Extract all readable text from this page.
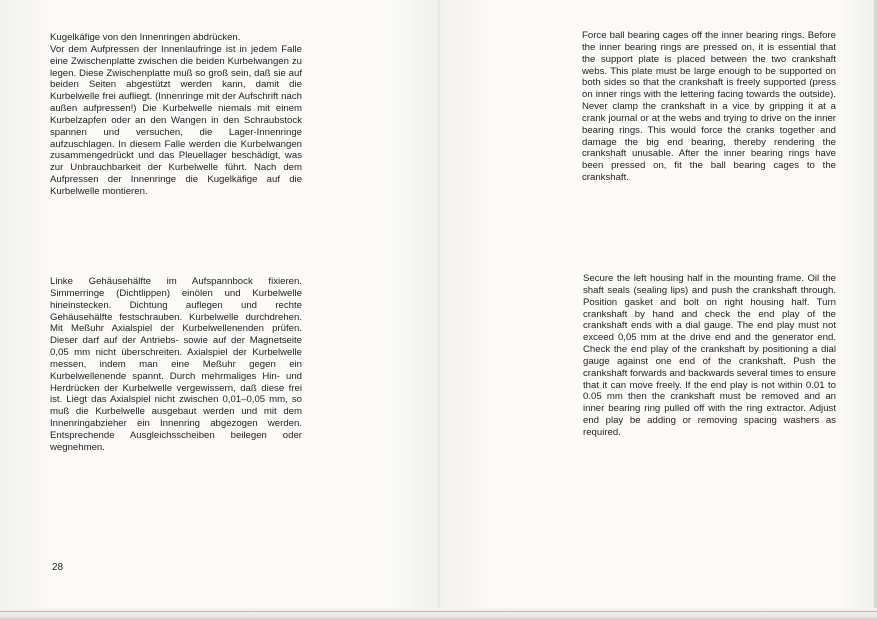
Kugelkäfige von den Innenringen abdrücken.
Vor dem Aufpressen der Innenlaufringe ist in jedem Falle eine Zwischenplatte zwischen die beiden Kurbelwangen zu legen. Diese Zwischenplatte muß so groß sein, daß sie auf beiden Seiten abgestützt werden kann, damit die Kurbelwelle frei aufliegt. (Innenringe mit der Aufschrift nach außen aufpressen!) Die Kurbelwelle niemals mit einem Kurbelzapfen oder an den Wangen in den Schraubstock spannen und versuchen, die Lager-Innenringe aufzuschlagen. In diesem Falle werden die Kurbelwangen zusammengedrückt und das Pleuellager beschädigt, was zur Unbrauchbarkeit der Kurbelwelle führt. Nach dem Aufpressen der Innenringe die Kugelkäfige auf die Kurbelwelle montieren.

Linke Gehäusehälfte im Aufspannbock fixieren. Simmerringe (Dichtlippen) einölen und Kurbelwelle hineinstecken. Dichtung auflegen und rechte Gehäusehälfte festschrauben. Kurbelwelle durchdrehen. Mit Meßuhr Axialspiel der Kurbelwellenenden prüfen. Dieser darf auf der Antriebs- sowie auf der Magnetseite 0,05 mm nicht überschreiten. Axialspiel der Kurbelwelle messen, indem man eine Meßuhr gegen ein Kurbelwellenende spannt. Durch mehrmaliges Hin- und Herdrücken der Kurbelwelle vergewissern, daß diese frei ist. Liegt das Axialspiel nicht zwischen 0,01–0,05 mm, so muß die Kurbelwelle ausgebaut werden und mit dem Innenringabzieher ein Innenring abgezogen werden. Entsprechende Ausgleichsscheiben beilegen oder wegnehmen.

Force ball bearing cages off the inner bearing rings. Before the inner bearing rings are pressed on, it is essential that the support plate is placed between the two crankshaft webs. This plate must be large enough to be supported on both sides so that the crankshaft is freely supported (press on inner rings with the lettering facing towards the outside). Never clamp the crankshaft in a vice by gripping it at a crank journal or at the webs and trying to drive on the inner bearing rings. This would force the cranks together and damage the big end bearing, thereby rendering the crankshaft unusable. After the inner bearing rings have been pressed on, fit the ball bearing cages to the crankshaft.

Secure the left housing half in the mounting frame. Oil the shaft seals (sealing lips) and push the crankshaft through. Position gasket and bolt on right housing half. Turn crankshaft by hand and check the end play of the crankshaft ends with a dial gauge. The end play must not exceed 0,05 mm at the drive end and the generator end. Check the end play of the crankshaft by positioning a dial gauge against one end of the crankshaft. Push the crankshaft forwards and backwards several times to ensure that it can move freely. If the end play is not within 0.01 to 0.05 mm then the crankshaft must be removed and an inner bearing ring pulled off with the ring extractor. Adjust end play be adding or removing spacing washers as required.

28
